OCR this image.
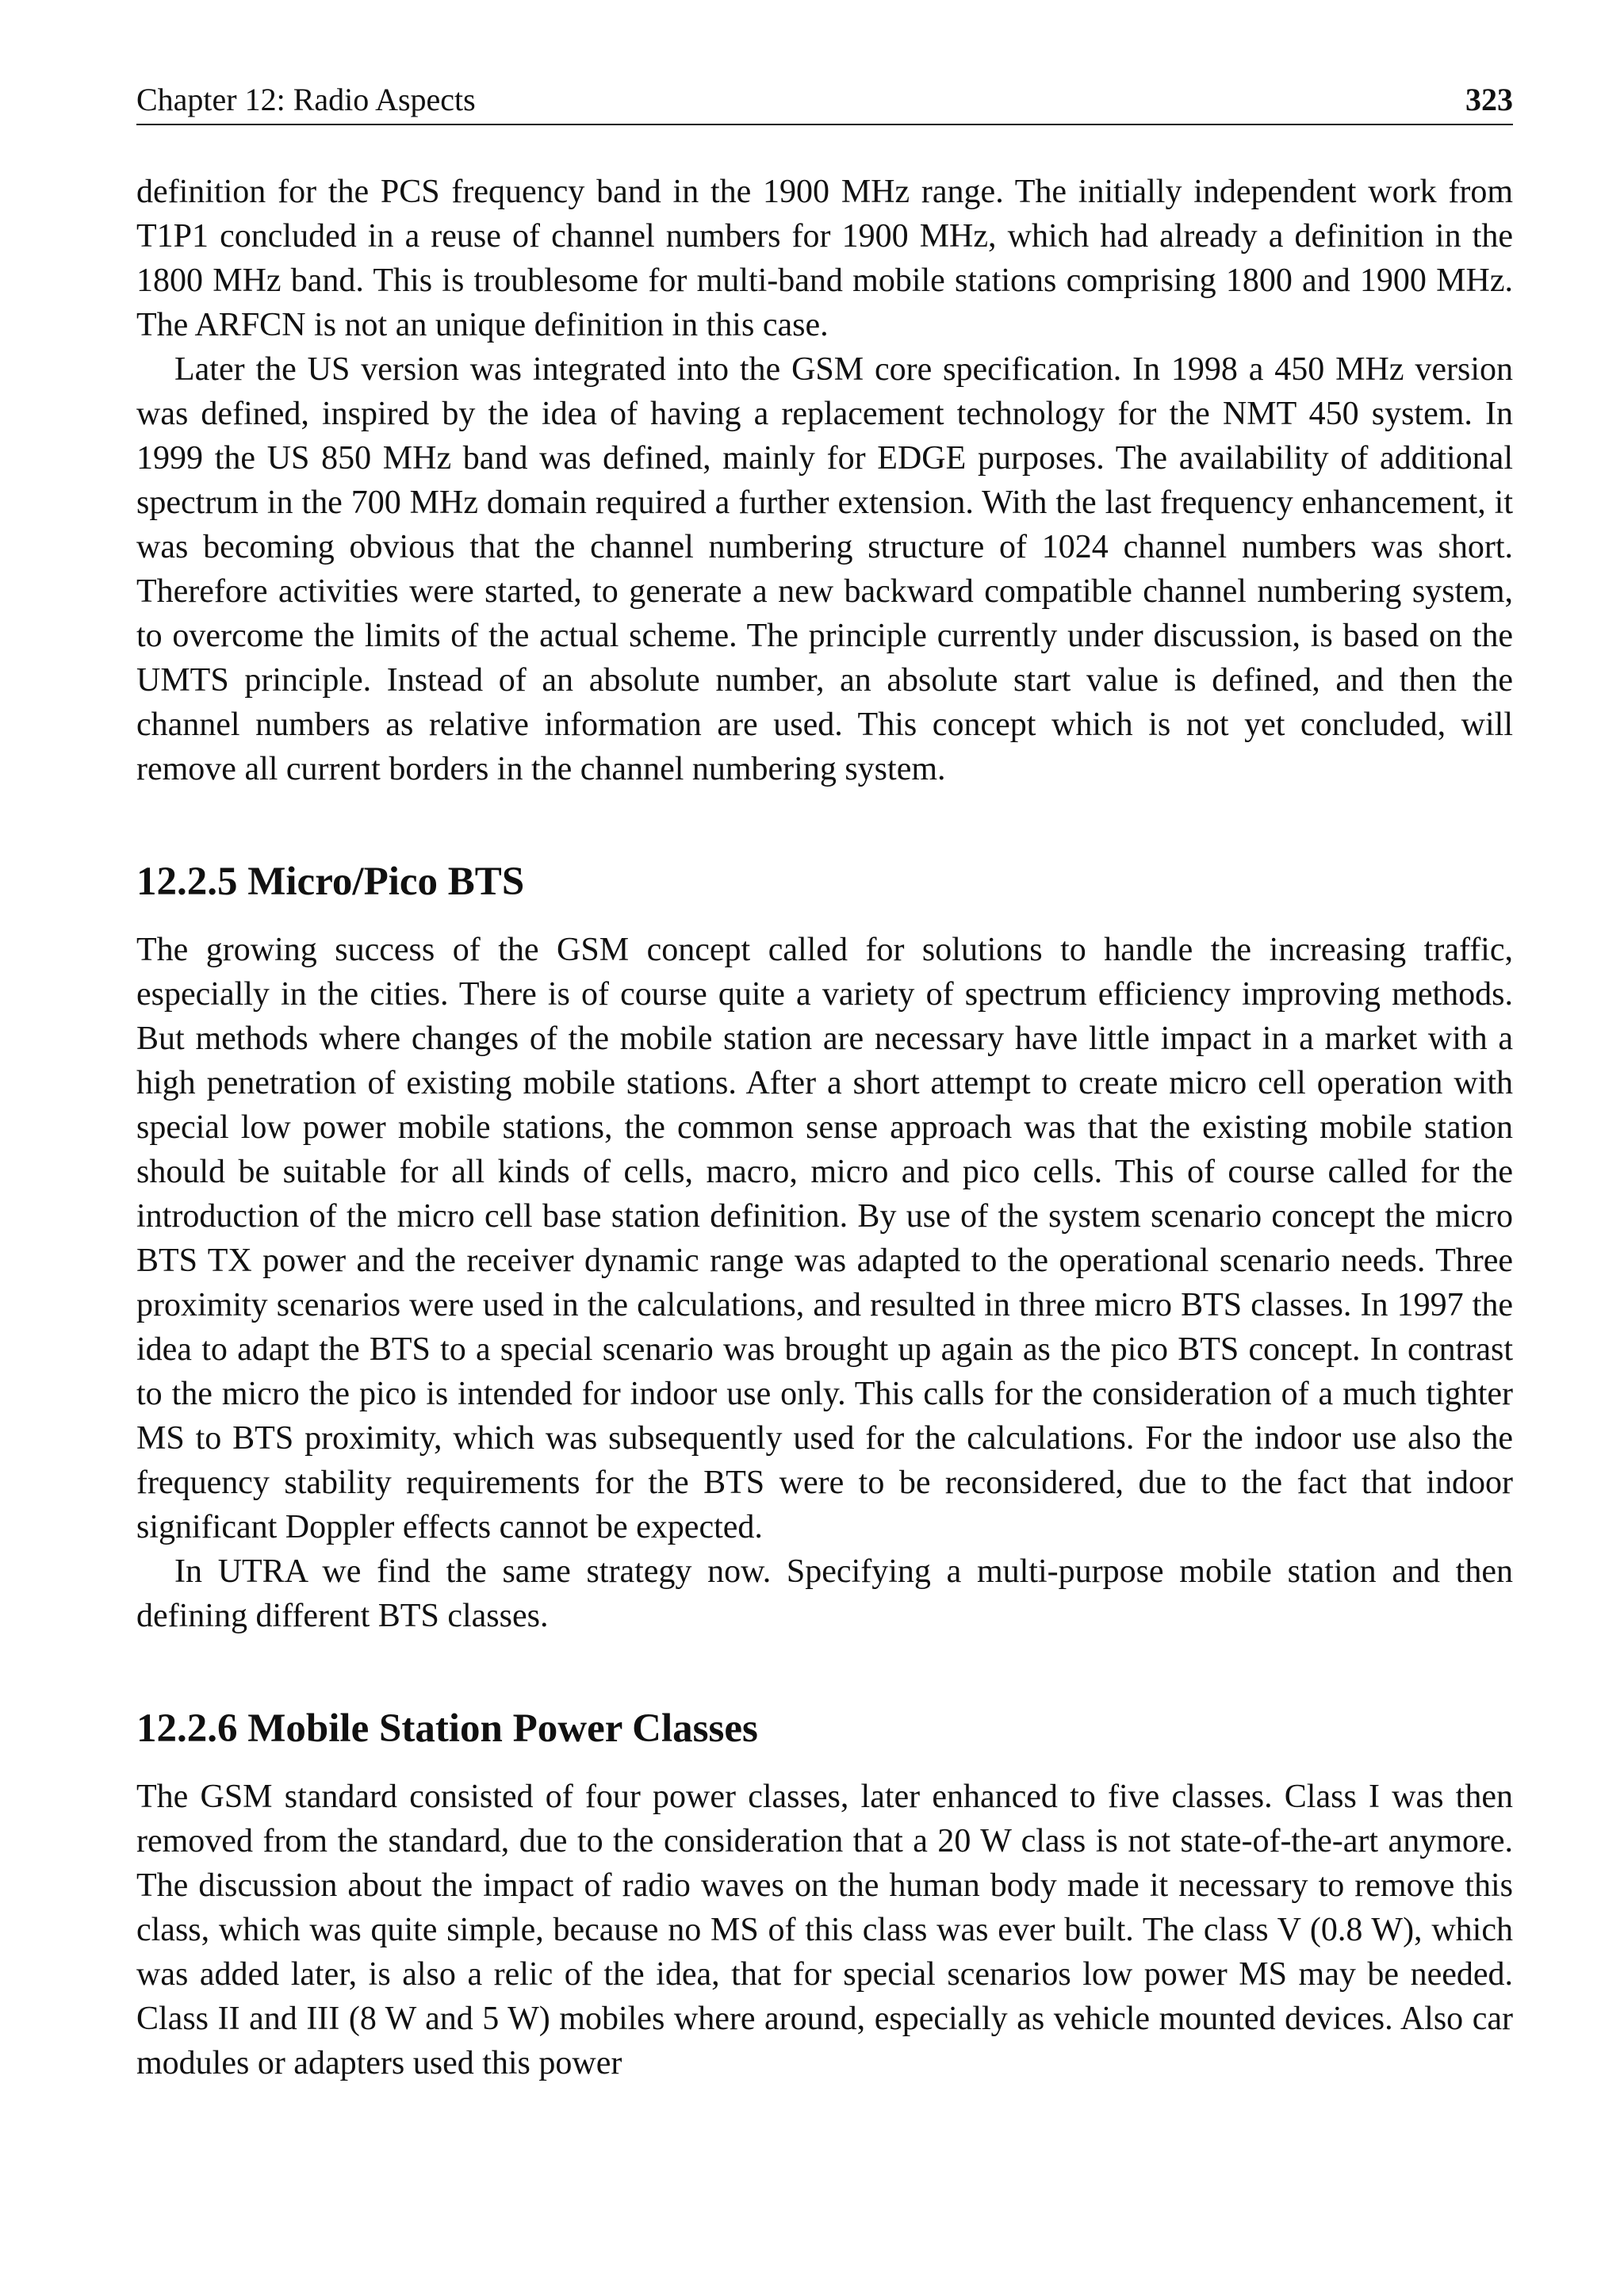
Chapter 12: Radio Aspects	323

definition for the PCS frequency band in the 1900 MHz range. The initially independent work from T1P1 concluded in a reuse of channel numbers for 1900 MHz, which had already a definition in the 1800 MHz band. This is troublesome for multi-band mobile stations comprising 1800 and 1900 MHz. The ARFCN is not an unique definition in this case.

Later the US version was integrated into the GSM core specification. In 1998 a 450 MHz version was defined, inspired by the idea of having a replacement technology for the NMT 450 system. In 1999 the US 850 MHz band was defined, mainly for EDGE purposes. The availability of additional spectrum in the 700 MHz domain required a further extension. With the last frequency enhancement, it was becoming obvious that the channel numbering structure of 1024 channel numbers was short. Therefore activities were started, to generate a new backward compatible channel numbering system, to overcome the limits of the actual scheme. The principle currently under discussion, is based on the UMTS principle. Instead of an absolute number, an absolute start value is defined, and then the channel numbers as relative information are used. This concept which is not yet concluded, will remove all current borders in the channel numbering system.

12.2.5 Micro/Pico BTS

The growing success of the GSM concept called for solutions to handle the increasing traffic, especially in the cities. There is of course quite a variety of spectrum efficiency improving methods. But methods where changes of the mobile station are necessary have little impact in a market with a high penetration of existing mobile stations. After a short attempt to create micro cell operation with special low power mobile stations, the common sense approach was that the existing mobile station should be suitable for all kinds of cells, macro, micro and pico cells. This of course called for the introduction of the micro cell base station definition. By use of the system scenario concept the micro BTS TX power and the receiver dynamic range was adapted to the operational scenario needs. Three proximity scenarios were used in the calculations, and resulted in three micro BTS classes. In 1997 the idea to adapt the BTS to a special scenario was brought up again as the pico BTS concept. In contrast to the micro the pico is intended for indoor use only. This calls for the consideration of a much tighter MS to BTS proximity, which was subsequently used for the calculations. For the indoor use also the frequency stability requirements for the BTS were to be reconsidered, due to the fact that indoor significant Doppler effects cannot be expected.

In UTRA we find the same strategy now. Specifying a multi-purpose mobile station and then defining different BTS classes.

12.2.6 Mobile Station Power Classes

The GSM standard consisted of four power classes, later enhanced to five classes. Class I was then removed from the standard, due to the consideration that a 20 W class is not state-of-the-art anymore. The discussion about the impact of radio waves on the human body made it necessary to remove this class, which was quite simple, because no MS of this class was ever built. The class V (0.8 W), which was added later, is also a relic of the idea, that for special scenarios low power MS may be needed. Class II and III (8 W and 5 W) mobiles where around, especially as vehicle mounted devices. Also car modules or adapters used this power
